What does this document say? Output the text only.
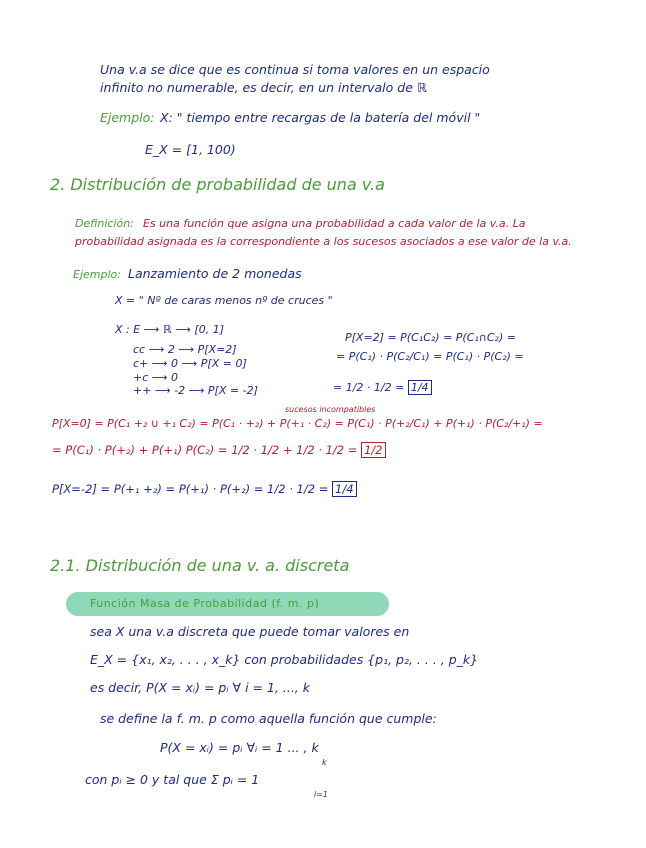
Una v.a se dice que es continua si toma valores en un espacio
infinito no numerable, es decir, en un intervalo de ℝ
Ejemplo: X: " tiempo entre recargas de la batería del móvil "
E_X = [1, 100)
2. Distribución de probabilidad de una v.a
Definición: Es una función que asigna una probabilidad a cada valor de la v.a. La
probabilidad asignada es la correspondiente a los sucesos asociados a ese valor de la v.a.
Ejemplo: Lanzamiento de 2 monedas
X = " Nº de caras menos nº de cruces "
X : E ⟶ ℝ ⟶ [0, 1]
cc ⟶ 2 ⟶ P[X=2]
c+ ⟶ 0 ⟶ P[X = 0]
+c ⟶ 0
++ ⟶ -2 ⟶ P[X = -2]
P[X=2] = P(C₁C₂) = P(C₁∩C₂) =
= P(C₁) · P(C₂/C₁) = P(C₁) · P(C₂) =
= 1/2 · 1/2 = 1/4
sucesos incompatibles
P[X=0] = P(C₁ +₂ ∪ +₁ C₂) = P(C₁ · +₂) + P(+₁ · C₂) = P(C₁) · P(+₂/C₁) + P(+₁) · P(C₂/+₁) =
= P(C₁) · P(+₂) + P(+₁) P(C₂) = 1/2 · 1/2 + 1/2 · 1/2 = 1/2
P[X=-2] = P(+₁ +₂) = P(+₁) · P(+₂) = 1/2 · 1/2 = 1/4
2.1. Distribución de una v. a. discreta
Función Masa de Probabilidad (f. m. p)
sea X una v.a discreta que puede tomar valores en
E_X = {x₁, x₂, . . . , x_k} con probabilidades {p₁, p₂, . . . , p_k}
es decir, P(X = xᵢ) = pᵢ ∀ i = 1, ..., k
se define la f. m. p como aquella función que cumple:
P(X = xᵢ) = pᵢ ∀ᵢ = 1 ... , k
con pᵢ ≥ 0 y tal que Σ pᵢ = 1
k
i=1
